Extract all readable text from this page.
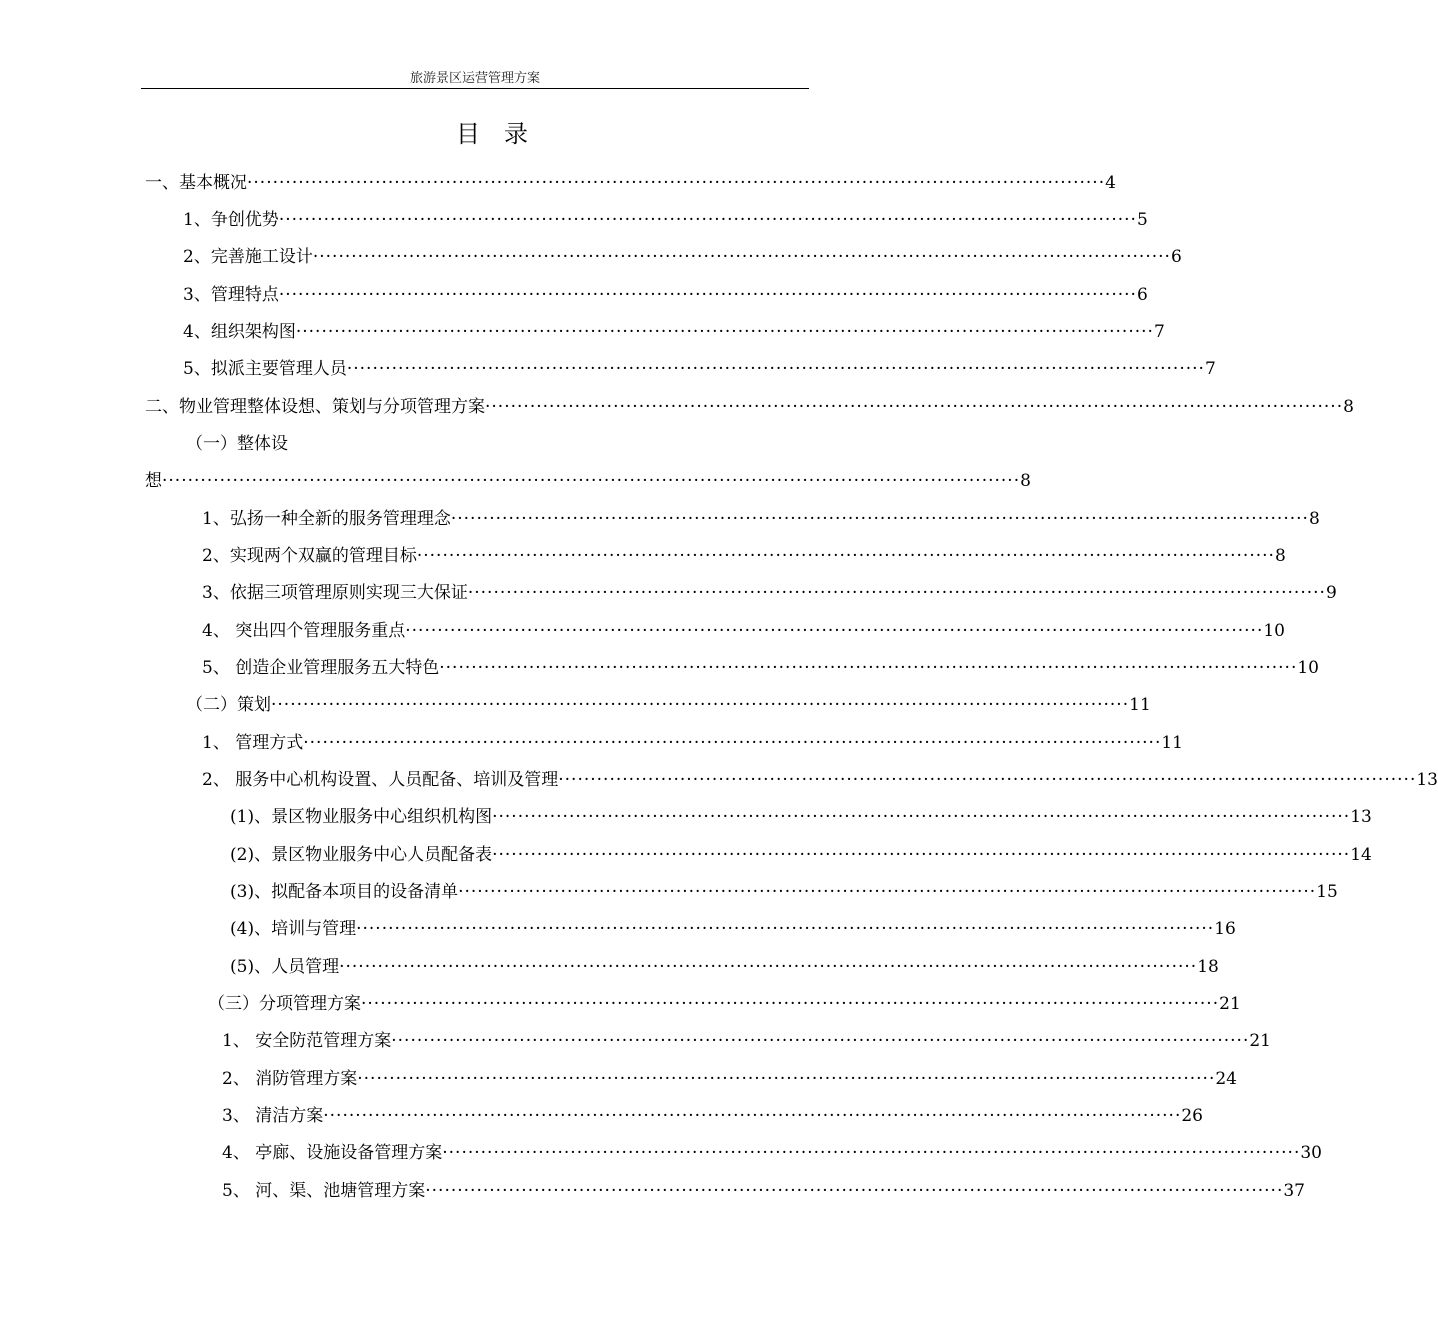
旅游景区运营管理方案
目录
一、基本概况 ······································································································································ 4
1、争创优势 ······································································································································ 5
2、完善施工设计 ······································································································································ 6
3、管理特点 ······································································································································ 6
4、组织架构图 ······································································································································ 7
5、拟派主要管理人员 ······································································································································ 7
二、物业管理整体设想、策划与分项管理方案 ······································································································································ 8
（一）整体设
想 ······································································································································ 8
1、弘扬一种全新的服务管理理念 ······································································································································ 8
2、实现两个双赢的管理目标 ······································································································································ 8
3、依据三项管理原则实现三大保证 ······································································································································ 9
4、 突出四个管理服务重点 ······································································································································ 10
5、 创造企业管理服务五大特色 ······································································································································ 10
（二）策划 ······································································································································ 11
1、 管理方式 ······································································································································ 11
2、 服务中心机构设置、人员配备、培训及管理 ······································································································································ 13
(1)、景区物业服务中心组织机构图 ······································································································································ 13
(2)、景区物业服务中心人员配备表 ······································································································································ 14
(3)、拟配备本项目的设备清单 ······································································································································ 15
(4)、培训与管理 ······································································································································ 16
(5)、人员管理 ······································································································································ 18
（三）分项管理方案 ······································································································································ 21
1、 安全防范管理方案 ······································································································································ 21
2、 消防管理方案 ······································································································································ 24
3、 清洁方案 ······································································································································ 26
4、 亭廊、设施设备管理方案 ······································································································································ 30
5、 河、渠、池塘管理方案 ······································································································································ 37
